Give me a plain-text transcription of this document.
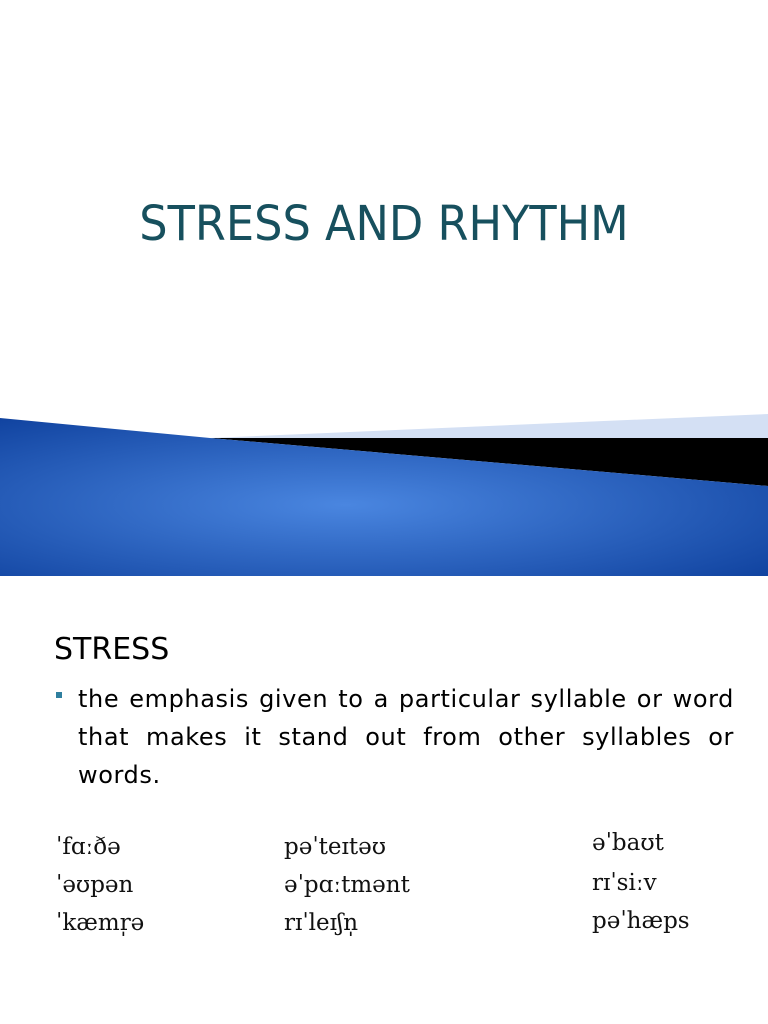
STRESS AND RHYTHM
STRESS

the emphasis given to a particular syllable or word that makes it stand out from other syllables or words.

ˈfɑːðə

ˈəʊpən

ˈkæmr̩ə

pəˈteɪtəʊ

əˈpɑːtmənt

rɪˈleɪʃn̩

əˈbaʊt

rɪˈsiːv

pəˈhæps
